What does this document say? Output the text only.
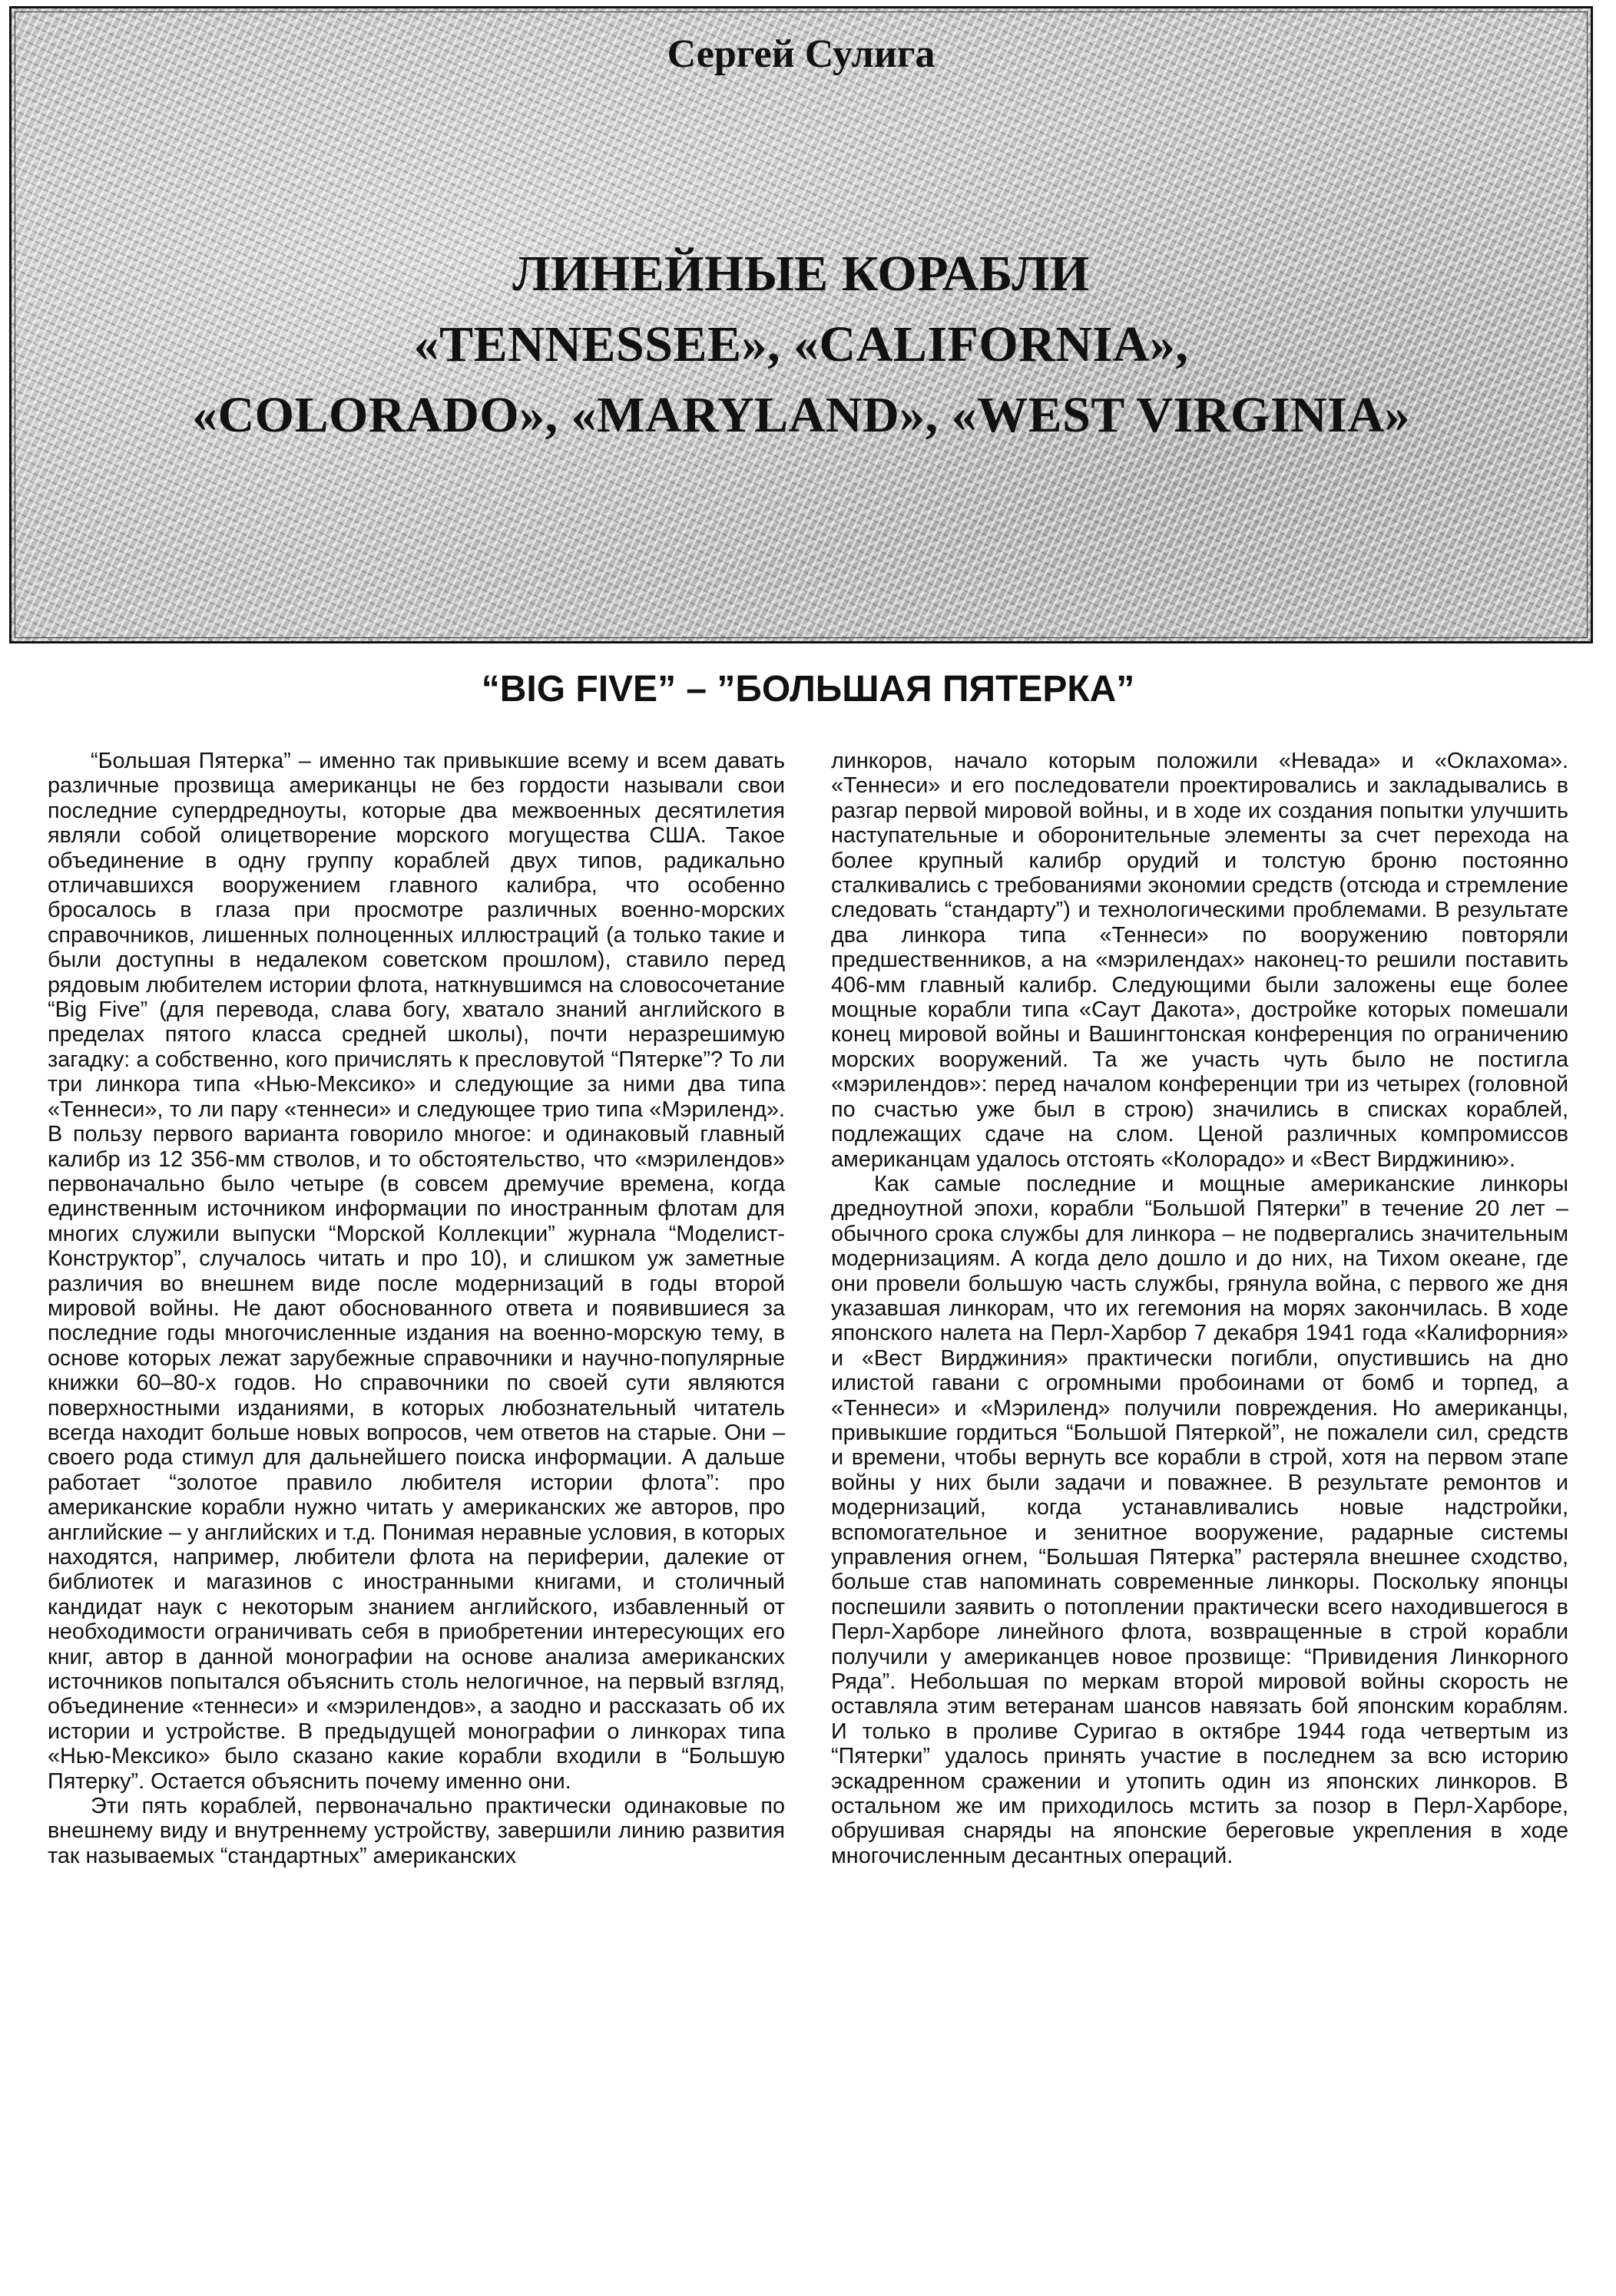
Сергей Сулига
ЛИНЕЙНЫЕ КОРАБЛИ
«TENNESSEE», «CALIFORNIA»,
«COLORADO», «MARYLAND», «WEST VIRGINIA»
“BIG FIVE” – ”БОЛЬШАЯ ПЯТЕРКА”

“Большая Пятерка” – именно так привыкшие всему и всем давать различные прозвища американцы не без гордости называли свои последние супердредноуты, которые два межвоенных десятилетия являли собой олицетворение морского могущества США. Такое объединение в одну группу кораблей двух типов, радикально отличавшихся вооружением главного калибра, что особенно бросалось в глаза при просмотре различных военно-морских справочников, лишенных полноценных иллюстраций (а только такие и были доступны в недалеком советском прошлом), ставило перед рядовым любителем истории флота, наткнувшимся на словосочетание “Big Five” (для перевода, слава богу, хватало знаний английского в пределах пятого класса средней школы), почти неразрешимую загадку: а собственно, кого причислять к пресловутой “Пятерке”? То ли три линкора типа «Нью-Мексико» и следующие за ними два типа «Теннеси», то ли пару «теннеси» и следующее трио типа «Мэриленд». В пользу первого варианта говорило многое: и одинаковый главный калибр из 12 356-мм стволов, и то обстоятельство, что «мэрилендов» первоначально было четыре (в совсем дремучие времена, когда единственным источником информации по иностранным флотам для многих служили выпуски “Морской Коллекции” журнала “Моделист-Конструктор”, случалось читать и про 10), и слишком уж заметные различия во внешнем виде после модернизаций в годы второй мировой войны. Не дают обоснованного ответа и появившиеся за последние годы многочисленные издания на военно-морскую тему, в основе которых лежат зарубежные справочники и научно-популярные книжки 60–80-х годов. Но справочники по своей сути являются поверхностными изданиями, в которых любознательный читатель всегда находит больше новых вопросов, чем ответов на старые. Они – своего рода стимул для дальнейшего поиска информации. А дальше работает “золотое правило любителя истории флота”: про американские корабли нужно читать у американских же авторов, про английские – у английских и т.д. Понимая неравные условия, в которых находятся, например, любители флота на периферии, далекие от библиотек и магазинов с иностранными книгами, и столичный кандидат наук с некоторым знанием английского, избавленный от необходимости ограничивать себя в приобретении интересующих его книг, автор в данной монографии на основе анализа американских источников попытался объяснить столь нелогичное, на первый взгляд, объединение «теннеси» и «мэрилендов», а заодно и рассказать об их истории и устройстве. В предыдущей монографии о линкорах типа «Нью-Мексико» было сказано какие корабли входили в “Большую Пятерку”. Остается объяснить почему именно они.

Эти пять кораблей, первоначально практически одинаковые по внешнему виду и внутреннему устройству, завершили линию развития так называемых “стандартных” американских

линкоров, начало которым положили «Невада» и «Оклахома». «Теннеси» и его последователи проектировались и закладывались в разгар первой мировой войны, и в ходе их создания попытки улучшить наступательные и оборонительные элементы за счет перехода на более крупный калибр орудий и толстую броню постоянно сталкивались с требованиями экономии средств (отсюда и стремление следовать “стандарту”) и технологическими проблемами. В результате два линкора типа «Теннеси» по вооружению повторяли предшественников, а на «мэрилендах» наконец-то решили поставить 406-мм главный калибр. Следующими были заложены еще более мощные корабли типа «Саут Дакота», достройке которых помешали конец мировой войны и Вашингтонская конференция по ограничению морских вооружений. Та же участь чуть было не постигла «мэрилендов»: перед началом конференции три из четырех (головной по счастью уже был в строю) значились в списках кораблей, подлежащих сдаче на слом. Ценой различных компромиссов американцам удалось отстоять «Колорадо» и «Вест Вирджинию».

Как самые последние и мощные американские линкоры дредноутной эпохи, корабли “Большой Пятерки” в течение 20 лет – обычного срока службы для линкора – не подвергались значительным модернизациям. А когда дело дошло и до них, на Тихом океане, где они провели большую часть службы, грянула война, с первого же дня указавшая линкорам, что их гегемония на морях закончилась. В ходе японского налета на Перл-Харбор 7 декабря 1941 года «Калифорния» и «Вест Вирджиния» практически погибли, опустившись на дно илистой гавани с огромными пробоинами от бомб и торпед, а «Теннеси» и «Мэриленд» получили повреждения. Но американцы, привыкшие гордиться “Большой Пятеркой”, не пожалели сил, средств и времени, чтобы вернуть все корабли в строй, хотя на первом этапе войны у них были задачи и поважнее. В результате ремонтов и модернизаций, когда устанавливались новые надстройки, вспомогательное и зенитное вооружение, радарные системы управления огнем, “Большая Пятерка” растеряла внешнее сходство, больше став напоминать современные линкоры. Поскольку японцы поспешили заявить о потоплении практически всего находившегося в Перл-Харборе линейного флота, возвращенные в строй корабли получили у американцев новое прозвище: “Привидения Линкорного Ряда”. Небольшая по меркам второй мировой войны скорость не оставляла этим ветеранам шансов навязать бой японским кораблям. И только в проливе Суригао в октябре 1944 года четвертым из “Пятерки” удалось принять участие в последнем за всю историю эскадренном сражении и утопить один из японских линкоров. В остальном же им приходилось мстить за позор в Перл-Харборе, обрушивая снаряды на японские береговые укрепления в ходе многочисленным десантных операций.
